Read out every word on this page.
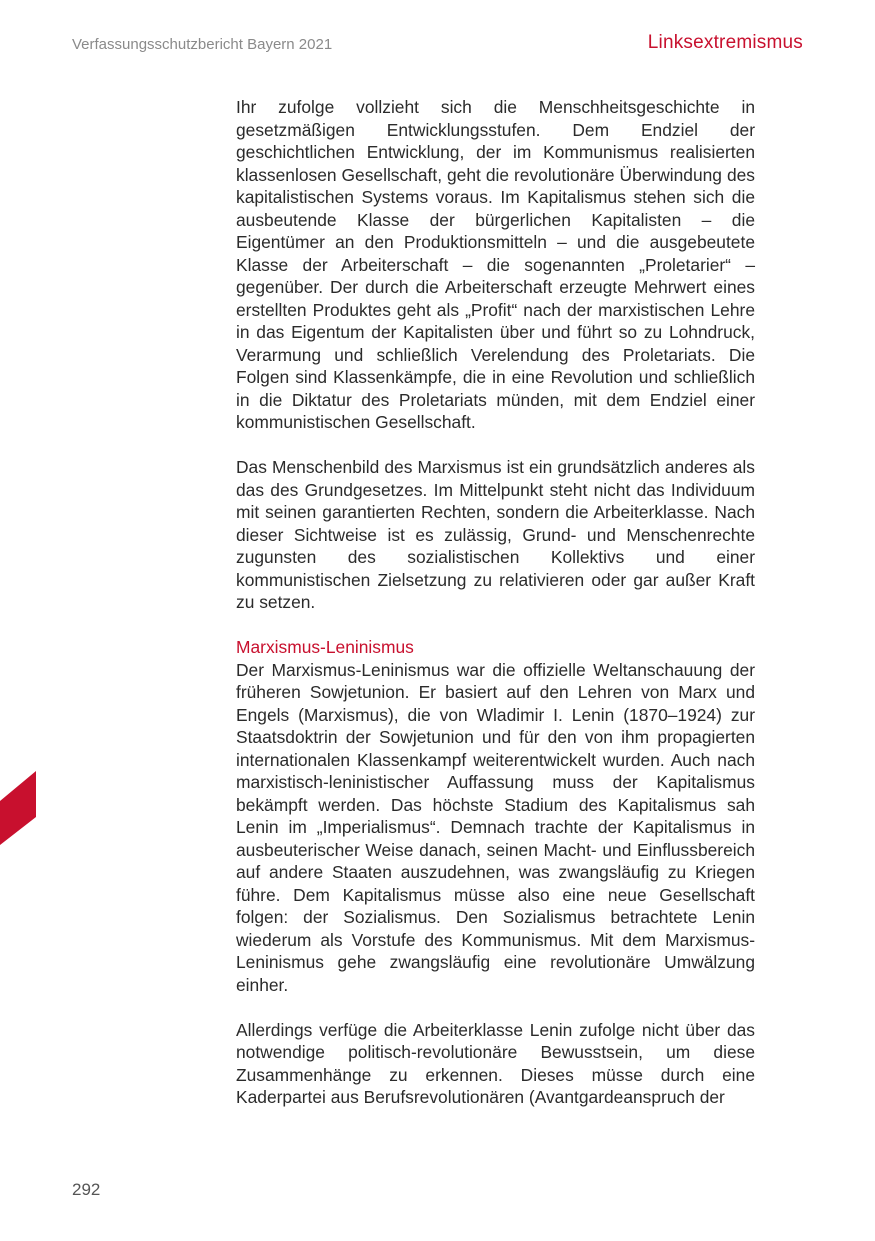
Verfassungsschutzbericht Bayern 2021	Linksextremismus

Ihr zufolge vollzieht sich die Menschheitsgeschichte in gesetzmäßigen Entwicklungsstufen. Dem Endziel der geschichtlichen Entwicklung, der im Kommunismus realisierten klassenlosen Gesellschaft, geht die revolutionäre Überwindung des kapitalistischen Systems voraus. Im Kapitalismus stehen sich die ausbeutende Klasse der bürgerlichen Kapitalisten – die Eigentümer an den Produktionsmitteln – und die ausgebeutete Klasse der Arbeiterschaft – die sogenannten „Proletarier“ – gegenüber. Der durch die Arbeiterschaft erzeugte Mehrwert eines erstellten Produktes geht als „Profit“ nach der marxistischen Lehre in das Eigentum der Kapitalisten über und führt so zu Lohndruck, Verarmung und schließlich Verelendung des Proletariats. Die Folgen sind Klassenkämpfe, die in eine Revolution und schließlich in die Diktatur des Proletariats münden, mit dem Endziel einer kommunistischen Gesellschaft.

Das Menschenbild des Marxismus ist ein grundsätzlich anderes als das des Grundgesetzes. Im Mittelpunkt steht nicht das Individuum mit seinen garantierten Rechten, sondern die Arbeiterklasse. Nach dieser Sichtweise ist es zulässig, Grund- und Menschenrechte zugunsten des sozialistischen Kollektivs und einer kommunistischen Zielsetzung zu relativieren oder gar außer Kraft zu setzen.

Marxismus-Leninismus

Der Marxismus-Leninismus war die offizielle Weltanschauung der früheren Sowjetunion. Er basiert auf den Lehren von Marx und Engels (Marxismus), die von Wladimir I. Lenin (1870–1924) zur Staatsdoktrin der Sowjetunion und für den von ihm propagierten internationalen Klassenkampf weiterentwickelt wurden. Auch nach marxistisch-leninistischer Auffassung muss der Kapitalismus bekämpft werden. Das höchste Stadium des Kapitalismus sah Lenin im „Imperialismus“. Demnach trachte der Kapitalismus in ausbeuterischer Weise danach, seinen Macht- und Einflussbereich auf andere Staaten auszudehnen, was zwangsläufig zu Kriegen führe. Dem Kapitalismus müsse also eine neue Gesellschaft folgen: der Sozialismus. Den Sozialismus betrachtete Lenin wiederum als Vorstufe des Kommunismus. Mit dem Marxismus-Leninismus gehe zwangsläufig eine revolutionäre Umwälzung einher.

Allerdings verfüge die Arbeiterklasse Lenin zufolge nicht über das notwendige politisch-revolutionäre Bewusstsein, um diese Zusammenhänge zu erkennen. Dieses müsse durch eine Kaderpartei aus Berufsrevolutionären (Avantgardeanspruch der

292
